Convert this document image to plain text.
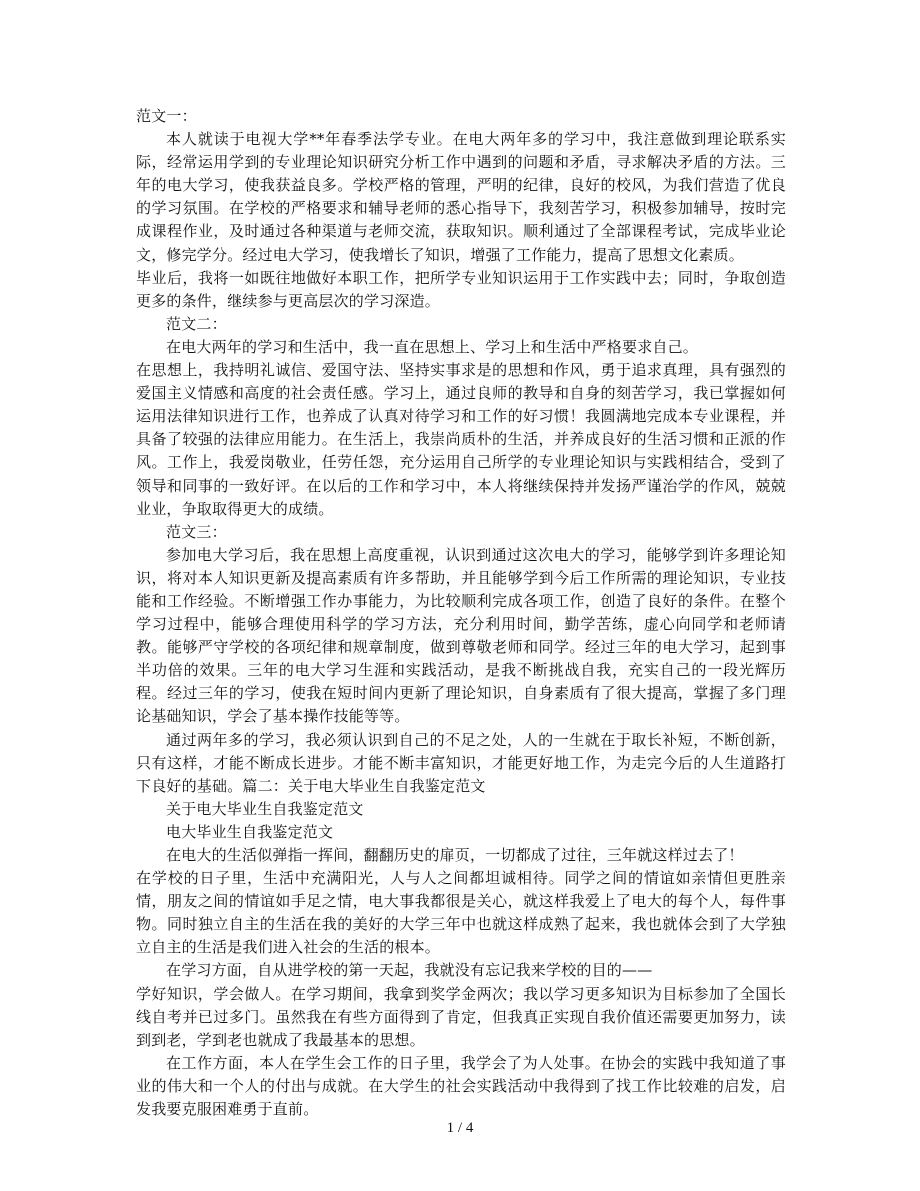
范文一：

本人就读于电视大学**年春季法学专业。在电大两年多的学习中，我注意做到理论联系实际，经常运用学到的专业理论知识研究分析工作中遇到的问题和矛盾，寻求解决矛盾的方法。三年的电大学习，使我获益良多。学校严格的管理，严明的纪律，良好的校风，为我们营造了优良的学习氛围。在学校的严格要求和辅导老师的悉心指导下，我刻苦学习，积极参加辅导，按时完成课程作业，及时通过各种渠道与老师交流，获取知识。顺利通过了全部课程考试，完成毕业论文，修完学分。经过电大学习，使我增长了知识，增强了工作能力，提高了思想文化素质。

毕业后，我将一如既往地做好本职工作，把所学专业知识运用于工作实践中去；同时，争取创造更多的条件，继续参与更高层次的学习深造。

范文二：

在电大两年的学习和生活中，我一直在思想上、学习上和生活中严格要求自己。

在思想上，我持明礼诚信、爱国守法、坚持实事求是的思想和作风，勇于追求真理，具有强烈的爱国主义情感和高度的社会责任感。学习上，通过良师的教导和自身的刻苦学习，我已掌握如何运用法律知识进行工作，也养成了认真对待学习和工作的好习惯！我圆满地完成本专业课程，并具备了较强的法律应用能力。在生活上，我崇尚质朴的生活，并养成良好的生活习惯和正派的作风。工作上，我爱岗敬业，任劳任怨，充分运用自己所学的专业理论知识与实践相结合，受到了领导和同事的一致好评。在以后的工作和学习中，本人将继续保持并发扬严谨治学的作风，兢兢业业，争取取得更大的成绩。

范文三：

参加电大学习后，我在思想上高度重视，认识到通过这次电大的学习，能够学到许多理论知识，将对本人知识更新及提高素质有许多帮助，并且能够学到今后工作所需的理论知识，专业技能和工作经验。不断增强工作办事能力，为比较顺利完成各项工作，创造了良好的条件。在整个学习过程中，能够合理使用科学的学习方法，充分利用时间，勤学苦练，虚心向同学和老师请教。能够严守学校的各项纪律和规章制度，做到尊敬老师和同学。经过三年的电大学习，起到事半功倍的效果。三年的电大学习生涯和实践活动，是我不断挑战自我，充实自己的一段光辉历程。经过三年的学习，使我在短时间内更新了理论知识，自身素质有了很大提高，掌握了多门理论基础知识，学会了基本操作技能等等。

通过两年多的学习，我必须认识到自己的不足之处，人的一生就在于取长补短，不断创新，只有这样，才能不断成长进步。才能不断丰富知识，才能更好地工作，为走完今后的人生道路打下良好的基础。篇二：关于电大毕业生自我鉴定范文

关于电大毕业生自我鉴定范文

电大毕业生自我鉴定范文

在电大的生活似弹指一挥间，翻翻历史的扉页，一切都成了过往，三年就这样过去了！

在学校的日子里，生活中充满阳光，人与人之间都坦诚相待。同学之间的情谊如亲情但更胜亲情，朋友之间的情谊如手足之情，电大事我都很是关心，就这样我爱上了电大的每个人，每件事物。同时独立自主的生活在我的美好的大学三年中也就这样成熟了起来，我也就体会到了大学独立自主的生活是我们进入社会的生活的根本。

在学习方面，自从进学校的第一天起，我就没有忘记我来学校的目的——

学好知识，学会做人。在学习期间，我拿到奖学金两次；我以学习更多知识为目标参加了全国长线自考并已过多门。虽然我在有些方面得到了肯定，但我真正实现自我价值还需要更加努力，读到到老，学到老也就成了我最基本的思想。

在工作方面，本人在学生会工作的日子里，我学会了为人处事。在协会的实践中我知道了事业的伟大和一个人的付出与成就。在大学生的社会实践活动中我得到了找工作比较难的启发，启发我要克服困难勇于直前。

1 / 4
